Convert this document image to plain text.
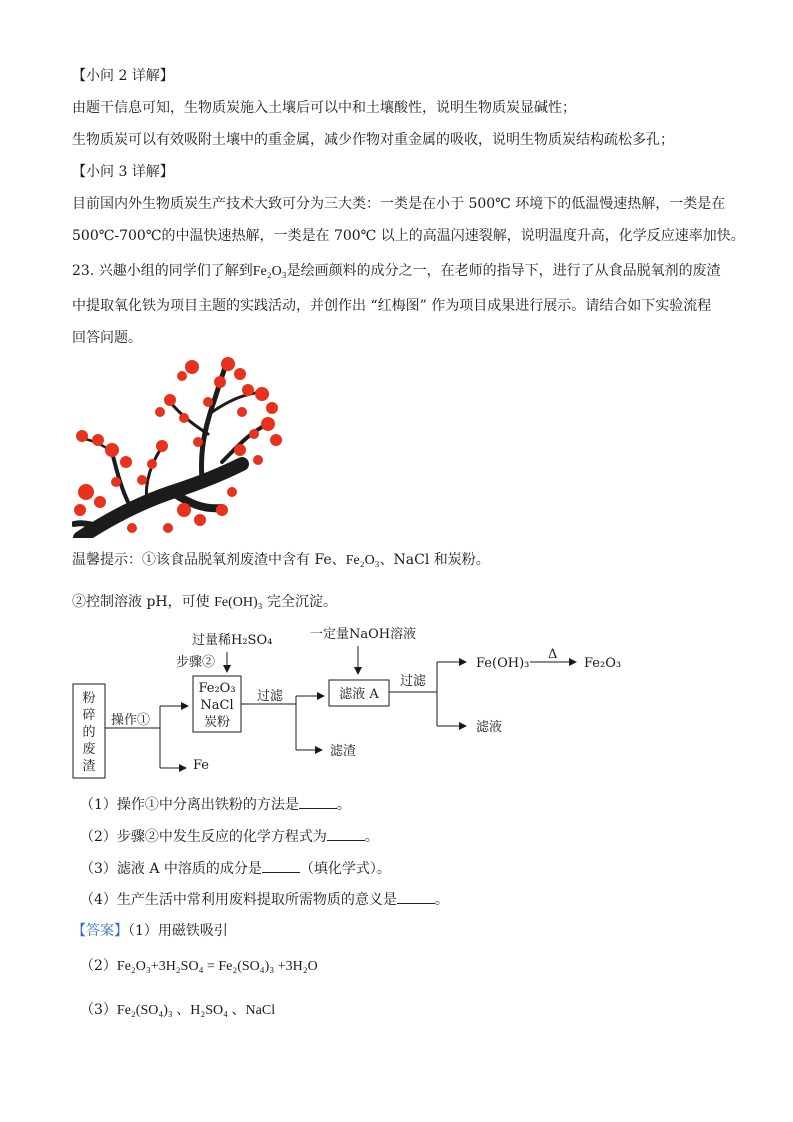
【小问 2 详解】
由题干信息可知，生物质炭施入土壤后可以中和土壤酸性，说明生物质炭显碱性；
生物质炭可以有效吸附土壤中的重金属，减少作物对重金属的吸收，说明生物质炭结构疏松多孔；
【小问 3 详解】
目前国内外生物质炭生产技术大致可分为三大类：一类是在小于 500℃ 环境下的低温慢速热解，一类是在
500℃-700℃的中温快速热解，一类是在 700℃ 以上的高温闪速裂解，说明温度升高，化学反应速率加快。
23. 兴趣小组的同学们了解到Fe₂O₃是绘画颜料的成分之一，在老师的指导下，进行了从食品脱氧剂的废渣
中提取氧化铁为项目主题的实践活动，并创作出 “红梅图” 作为项目成果进行展示。请结合如下实验流程
回答问题。
温馨提示：①该食品脱氧剂废渣中含有 Fe、Fe₂O₃、NaCl 和炭粉。
②控制溶液 pH，可使 Fe(OH)₃ 完全沉淀。
粉
碎
的
废
渣
操作①
Fe
过量稀H₂SO₄
步骤②
Fe₂O₃
NaCl
炭粉
过滤
滤渣
一定量NaOH溶液
滤液 A
过滤
Fe(OH)₃
Δ
Fe₂O₃
滤液
（1）操作①中分离出铁粉的方法是	。
（2）步骤②中发生反应的化学方程式为	。
（3）滤液 A 中溶质的成分是	（填化学式）。
（4）生产生活中常利用废料提取所需物质的意义是	。
【答案】（1）用磁铁吸引
（2）Fe₂O₃+3H₂SO₄ = Fe₂(SO₄)₃ +3H₂O
（3）Fe₂(SO₄)₃ 、H₂SO₄ 、NaCl
